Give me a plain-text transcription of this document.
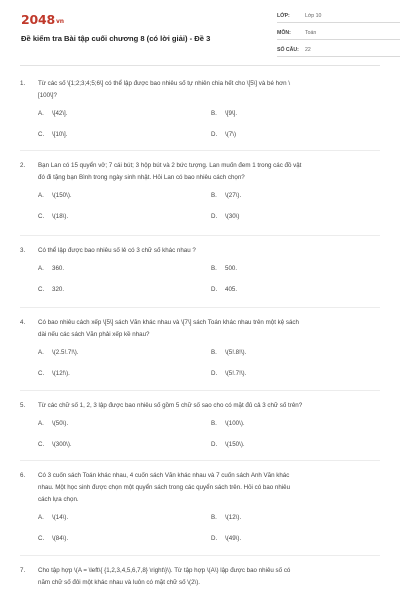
2048vn
Đề kiểm tra Bài tập cuối chương 8 (có lời giải) - Đề 3
LỚP:	Lớp 10
MÔN:	Toán
SỐ CÂU:	22
1.	Từ các số \[1;2;3;4;5;6\] có thể lập được bao nhiêu số tự nhiên chia hết cho \[5\] và bé hơn \
[100\]?
A.	\[42\].	B.	\[9\].
C.	\[10\].	D.	\(7\)
2.	Bạn Lan có 15 quyển vở; 7 cái bút; 3 hộp bút và 2 bức tượng. Lan muốn đem 1 trong các đồ vật
đó đi tặng bạn Bình trong ngày sinh nhật. Hỏi Lan có bao nhiêu cách chọn?
A.	\(150\).	B.	\(27\).
C.	\(18\).	D.	\(30\)
3.	Có thể lập được bao nhiêu số lẻ có 3 chữ số khác nhau ?
A.	360.	B.	500.
C.	320.	D.	405.
4.	Có bao nhiêu cách xếp \[5\] sách Văn khác nhau và \[7\] sách Toán khác nhau trên một kệ sách
dài nếu các sách Văn phải xếp kề nhau?
A.	\(2.5!.7!\).	B.	\(5!.8!\).
C.	\(12!\).	D.	\(5!.7!\).
5.	Từ các chữ số 1, 2, 3 lập được bao nhiêu số gồm 5 chữ số sao cho có mặt đủ cả 3 chữ số trên?
A.	\(50\).	B.	\(100\).
C.	\(300\).	D.	\(150\).
6.	Có 3 cuốn sách Toán khác nhau, 4 cuốn sách Văn khác nhau và 7 cuốn sách Anh Văn khác
nhau. Một học sinh được chọn một quyển sách trong các quyển sách trên. Hỏi có bao nhiêu
cách lựa chọn.
A.	\(14\).	B.	\(12\).
C.	\(84\).	D.	\(49\).
7.	Cho tập hợp \(A = \left\{ {1,2,3,4,5,6,7,8} \right\}\). Từ tập hợp \(A\) lập được bao nhiêu số có
năm chữ số đôi một khác nhau và luôn có mặt chữ số \(2\).
